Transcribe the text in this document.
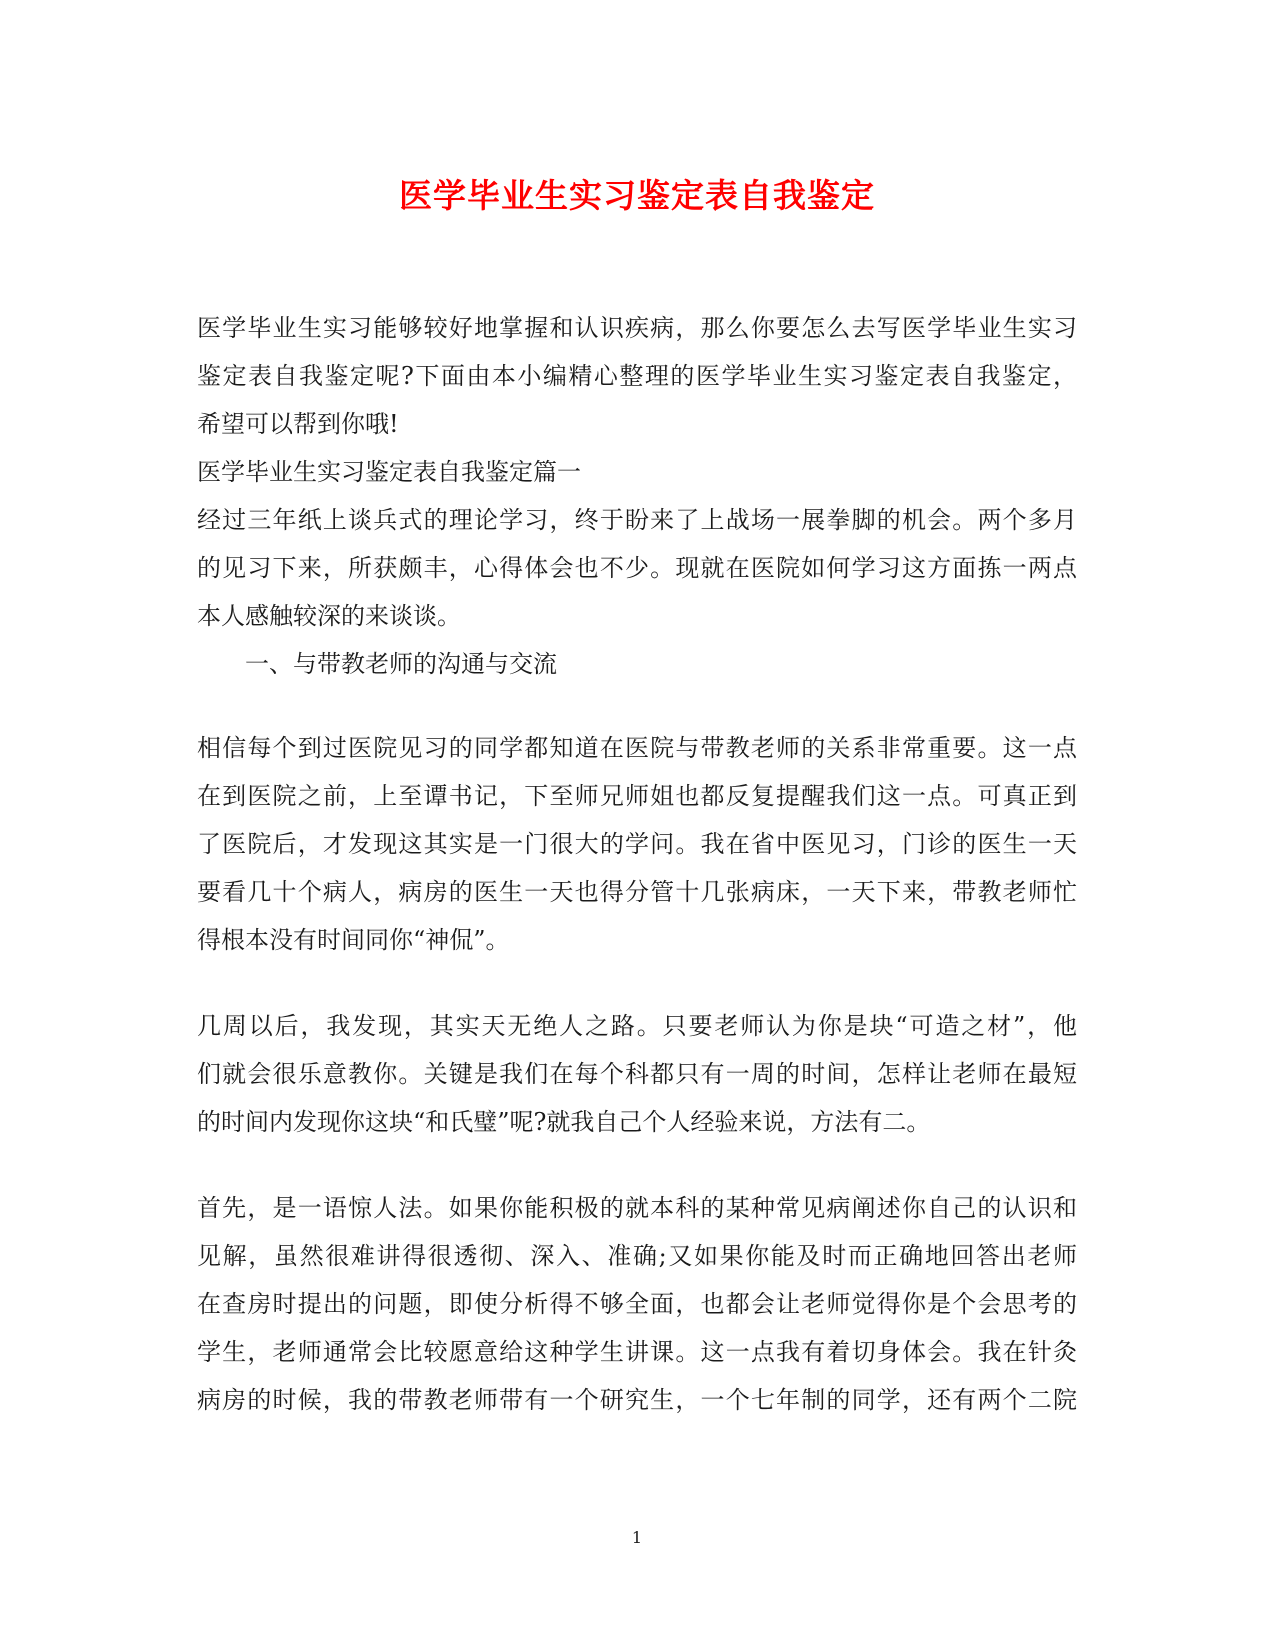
医学毕业生实习鉴定表自我鉴定
医学毕业生实习能够较好地掌握和认识疾病，那么你要怎么去写医学毕业生实习
鉴定表自我鉴定呢?下面由本小编精心整理的医学毕业生实习鉴定表自我鉴定，
希望可以帮到你哦!
医学毕业生实习鉴定表自我鉴定篇一
经过三年纸上谈兵式的理论学习，终于盼来了上战场一展拳脚的机会。两个多月
的见习下来，所获颇丰，心得体会也不少。现就在医院如何学习这方面拣一两点
本人感触较深的来谈谈。
一、与带教老师的沟通与交流
相信每个到过医院见习的同学都知道在医院与带教老师的关系非常重要。这一点
在到医院之前，上至谭书记，下至师兄师姐也都反复提醒我们这一点。可真正到
了医院后，才发现这其实是一门很大的学问。我在省中医见习，门诊的医生一天
要看几十个病人，病房的医生一天也得分管十几张病床，一天下来，带教老师忙
得根本没有时间同你“神侃”。
几周以后，我发现，其实天无绝人之路。只要老师认为你是块“可造之材”，他
们就会很乐意教你。关键是我们在每个科都只有一周的时间，怎样让老师在最短
的时间内发现你这块“和氏璧”呢?就我自己个人经验来说，方法有二。
首先，是一语惊人法。如果你能积极的就本科的某种常见病阐述你自己的认识和
见解，虽然很难讲得很透彻、深入、准确;又如果你能及时而正确地回答出老师
在查房时提出的问题，即使分析得不够全面，也都会让老师觉得你是个会思考的
学生，老师通常会比较愿意给这种学生讲课。这一点我有着切身体会。我在针灸
病房的时候，我的带教老师带有一个研究生，一个七年制的同学，还有两个二院
1
